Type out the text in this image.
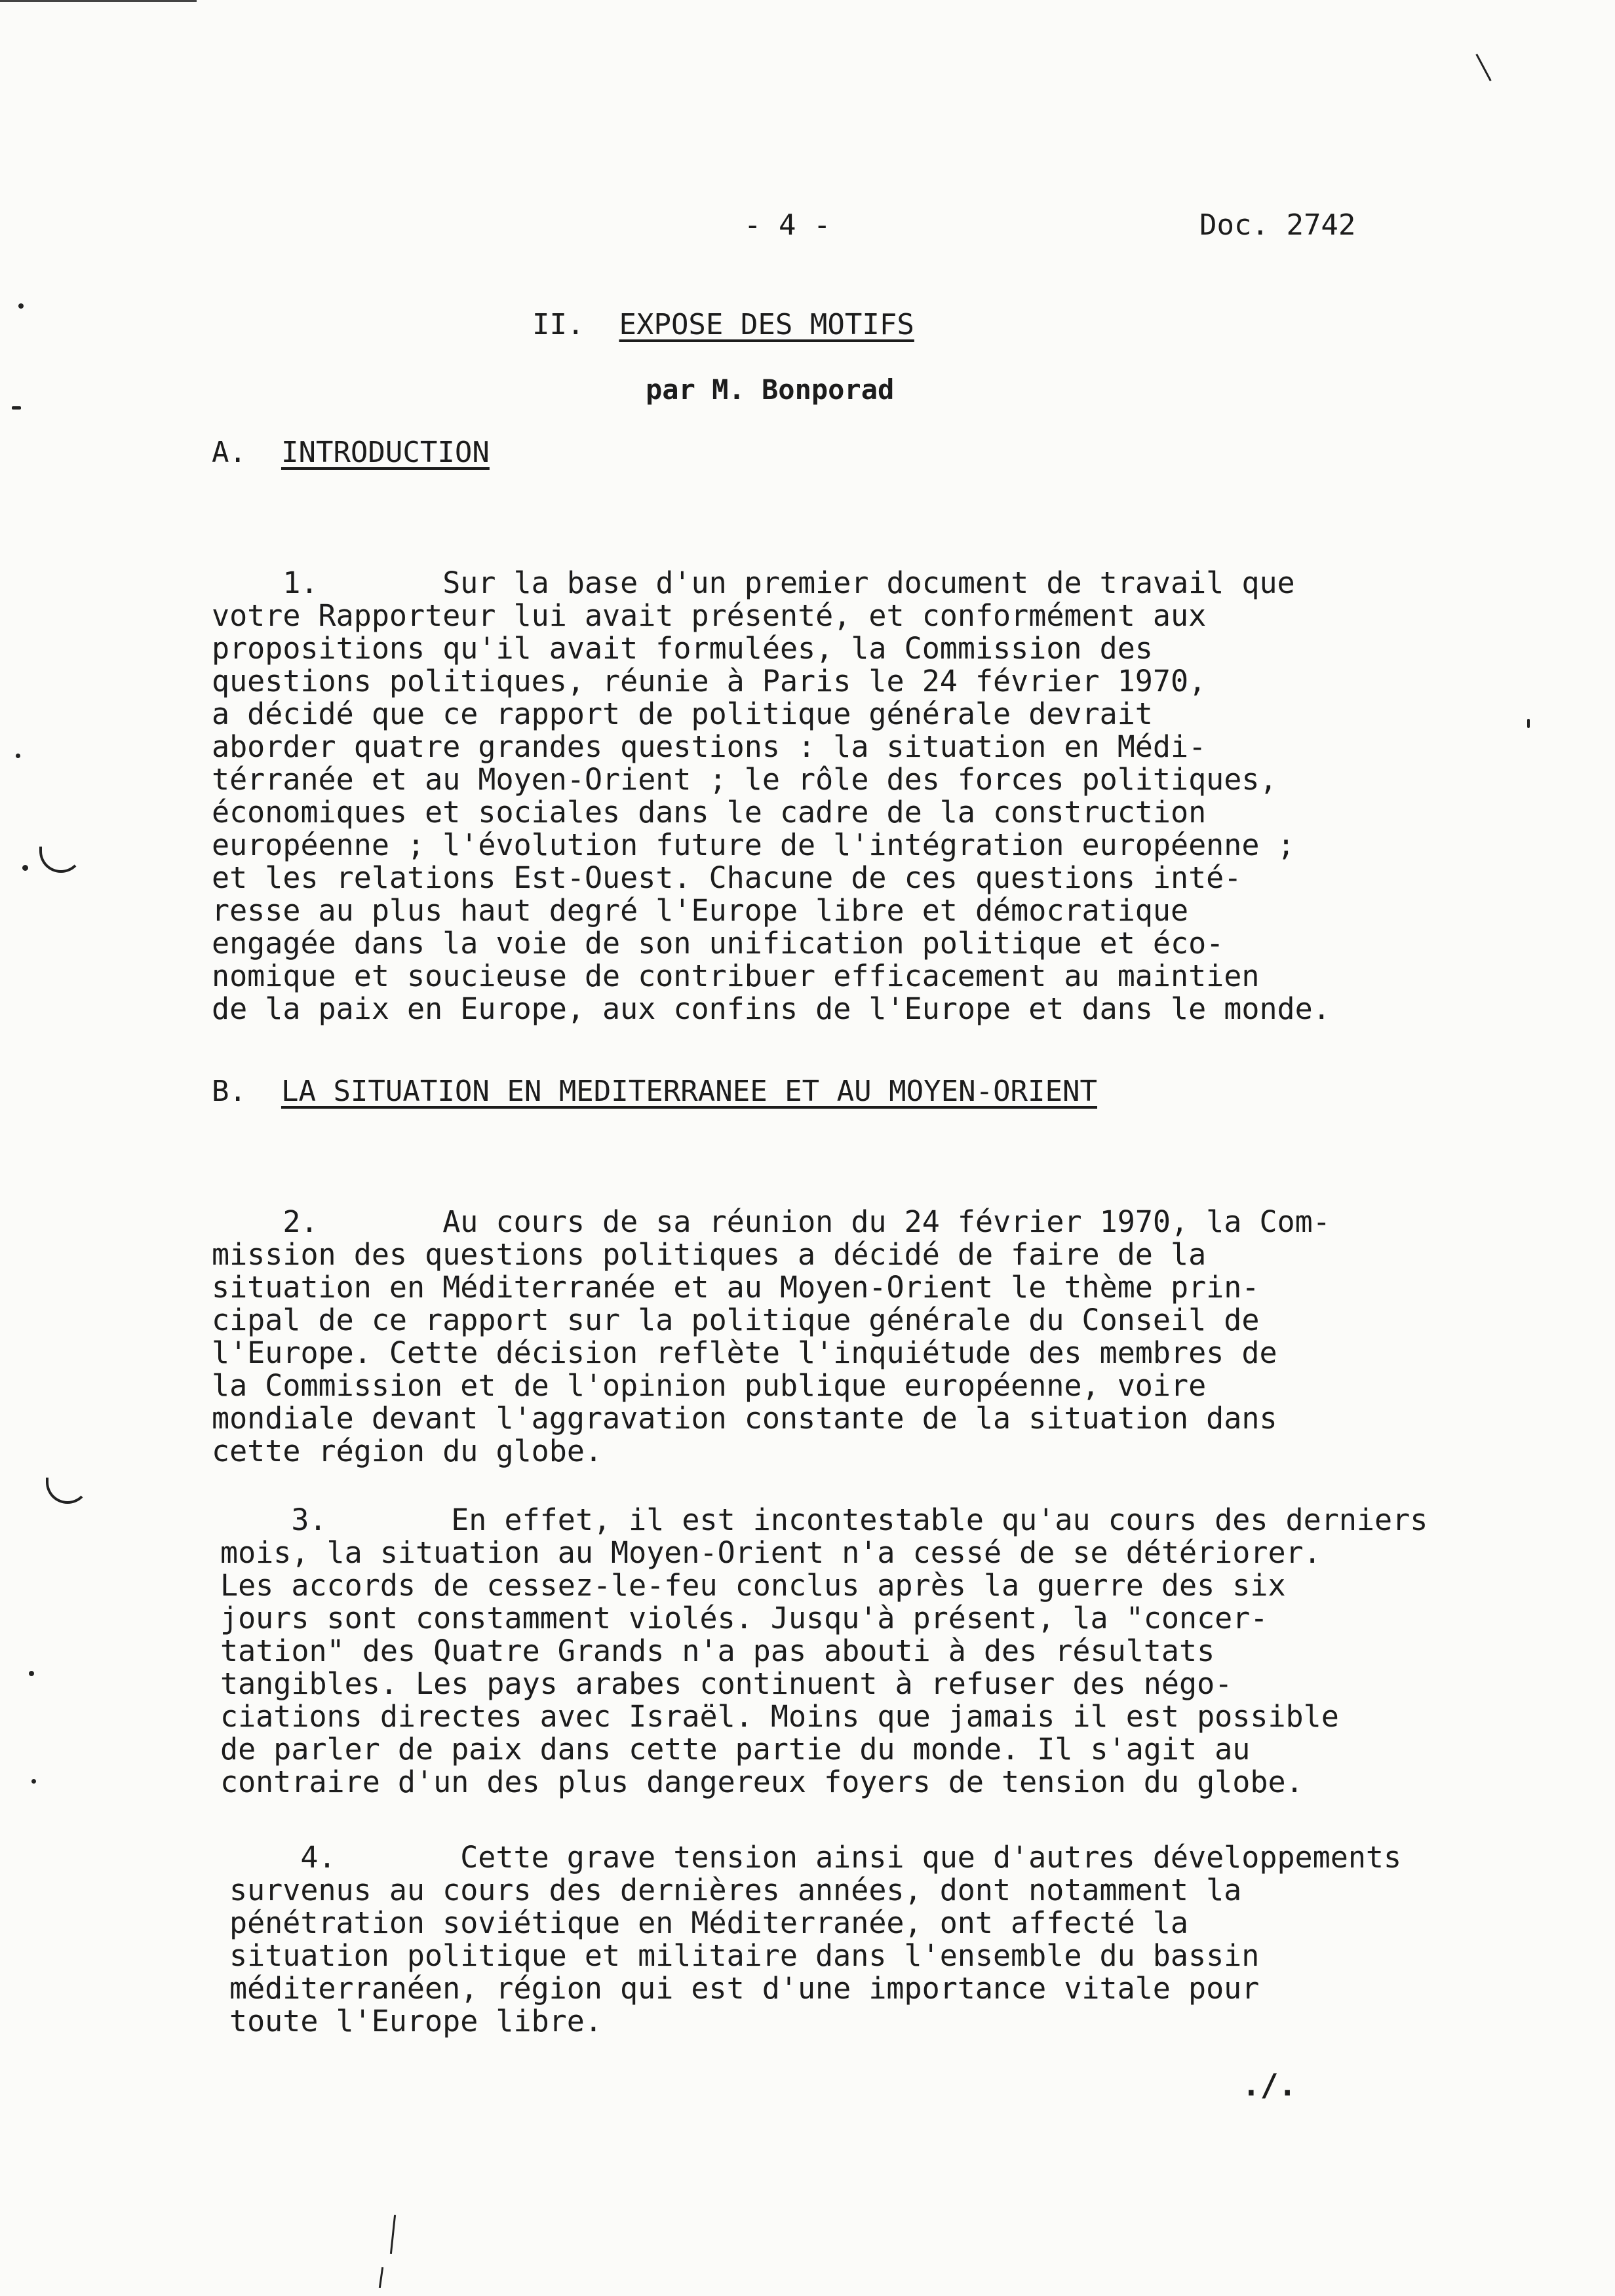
- 4 -	Doc. 2742
II. EXPOSE DES MOTIFS
par M. Bonporad
A. INTRODUCTION

1.	Sur la base d'un premier document de travail que
votre Rapporteur lui avait présenté, et conformément aux
propositions qu'il avait formulées, la Commission des
questions politiques, réunie à Paris le 24 février 1970,
a décidé que ce rapport de politique générale devrait
aborder quatre grandes questions : la situation en Médi-
térranée et au Moyen-Orient ; le rôle des forces politiques,
économiques et sociales dans le cadre de la construction
européenne ; l'évolution future de l'intégration européenne ;
et les relations Est-Ouest. Chacune de ces questions inté-
resse au plus haut degré l'Europe libre et démocratique
engagée dans la voie de son unification politique et éco-
nomique et soucieuse de contribuer efficacement au maintien
de la paix en Europe, aux confins de l'Europe et dans le monde.
B. LA SITUATION EN MEDITERRANEE ET AU MOYEN-ORIENT

2.	Au cours de sa réunion du 24 février 1970, la Com-
mission des questions politiques a décidé de faire de la
situation en Méditerranée et au Moyen-Orient le thème prin-
cipal de ce rapport sur la politique générale du Conseil de
l'Europe. Cette décision reflète l'inquiétude des membres de
la Commission et de l'opinion publique européenne, voire
mondiale devant l'aggravation constante de la situation dans
cette région du globe.

3.	En effet, il est incontestable qu'au cours des derniers
mois, la situation au Moyen-Orient n'a cessé de se détériorer.
Les accords de cessez-le-feu conclus après la guerre des six
jours sont constamment violés. Jusqu'à présent, la "concer-
tation" des Quatre Grands n'a pas abouti à des résultats
tangibles. Les pays arabes continuent à refuser des négo-
ciations directes avec Israël. Moins que jamais il est possible
de parler de paix dans cette partie du monde. Il s'agit au
contraire d'un des plus dangereux foyers de tension du globe.

4.	Cette grave tension ainsi que d'autres développements
survenus au cours des dernières années, dont notamment la
pénétration soviétique en Méditerranée, ont affecté la
situation politique et militaire dans l'ensemble du bassin
méditerranéen, région qui est d'une importance vitale pour
toute l'Europe libre.
./.
